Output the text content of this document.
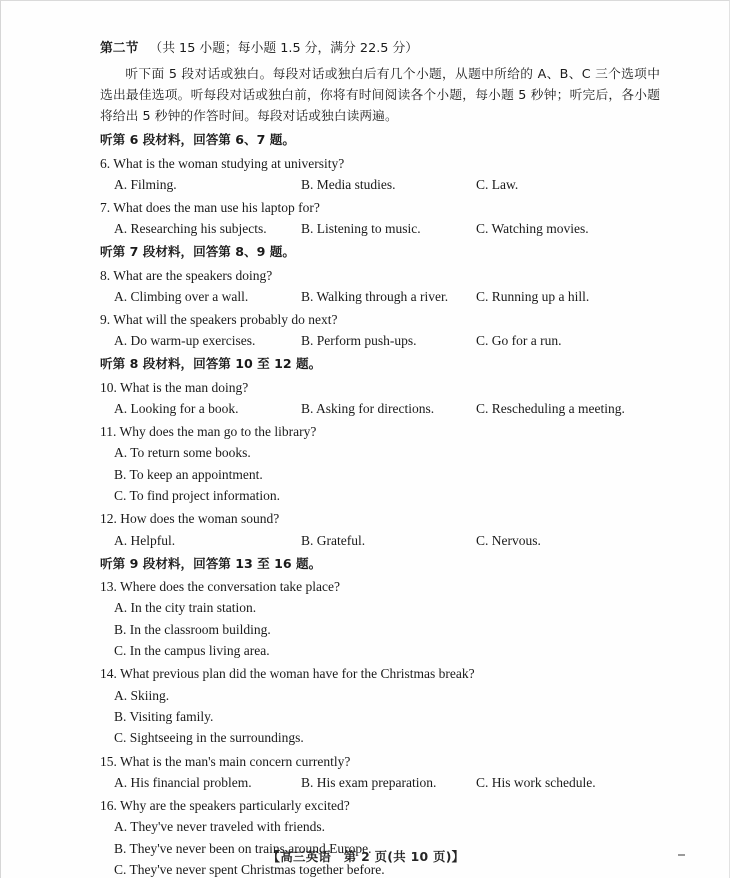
第二节 （共 15 小题；每小题 1.5 分，满分 22.5 分）

听下面 5 段对话或独白。每段对话或独白后有几个小题，从题中所给的 A、B、C 三个选项中选出最佳选项。听每段对话或独白前，你将有时间阅读各个小题，每小题 5 秒钟；听完后，各小题将给出 5 秒钟的作答时间。每段对话或独白读两遍。

听第 6 段材料，回答第 6、7 题。
6. What is the woman studying at university?
A. Filming.	B. Media studies.	C. Law.
7. What does the man use his laptop for?
A. Researching his subjects.	B. Listening to music.	C. Watching movies.
听第 7 段材料，回答第 8、9 题。
8. What are the speakers doing?
A. Climbing over a wall.	B. Walking through a river. C. Running up a hill.
9. What will the speakers probably do next?
A. Do warm-up exercises.	B. Perform push-ups.	C. Go for a run.
听第 8 段材料，回答第 10 至 12 题。
10. What is the man doing?
A. Looking for a book.	B. Asking for directions.	C. Rescheduling a meeting.
11. Why does the man go to the library?
A. To return some books.
B. To keep an appointment.
C. To find project information.
12. How does the woman sound?
A. Helpful.	B. Grateful.	C. Nervous.
听第 9 段材料，回答第 13 至 16 题。
13. Where does the conversation take place?
A. In the city train station.
B. In the classroom building.
C. In the campus living area.
14. What previous plan did the woman have for the Christmas break?
A. Skiing.
B. Visiting family.
C. Sightseeing in the surroundings.
15. What is the man's main concern currently?
A. His financial problem.	B. His exam preparation.	C. His work schedule.
16. Why are the speakers particularly excited?
A. They've never traveled with friends.
B. They've never been on trains around Europe.
C. They've never spent Christmas together before.
【高三英语　第 2 页(共 10 页)】
